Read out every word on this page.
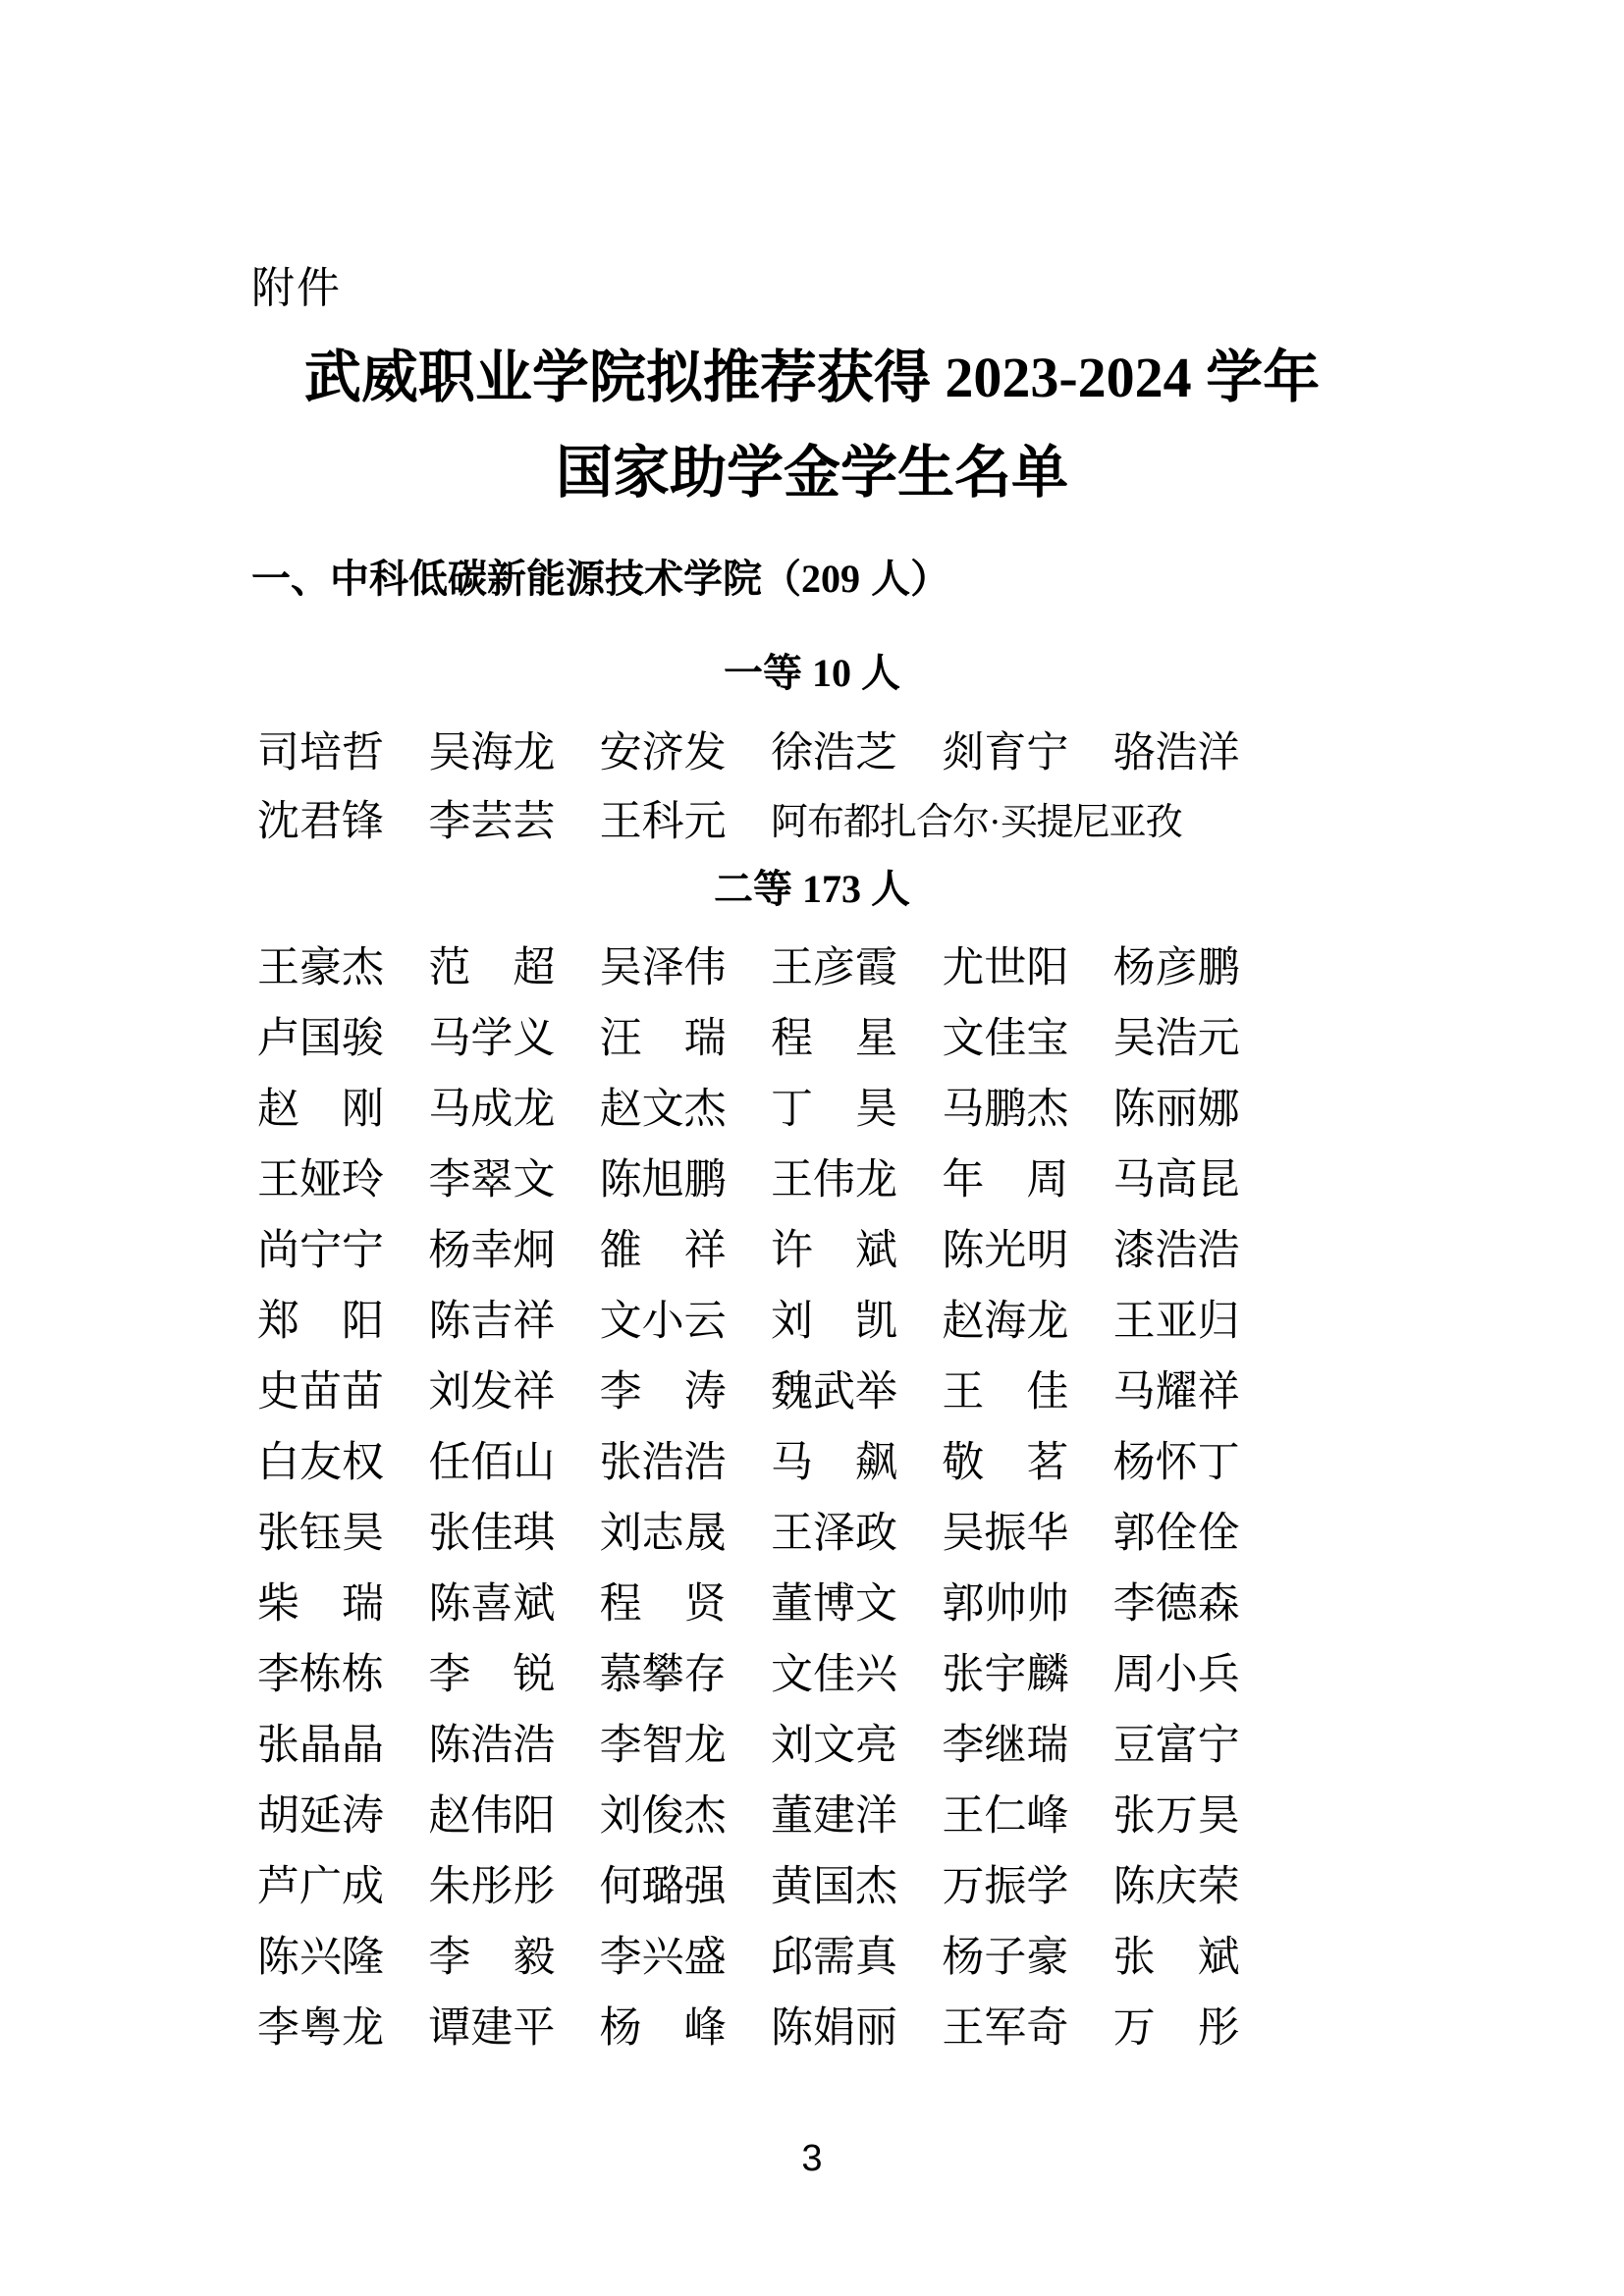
附件
武威职业学院拟推荐获得 2023-2024 学年
国家助学金学生名单
一、中科低碳新能源技术学院（209 人）
一等 10 人
司培哲	吴海龙	安济发	徐浩芝	剡育宁	骆浩洋
沈君锋	李芸芸	王科元	阿布都扎合尔·买提尼亚孜
二等 173 人
王豪杰	范　超	吴泽伟	王彦霞	尤世阳	杨彦鹏
卢国骏	马学义	汪　瑞	程　星	文佳宝	吴浩元
赵　刚	马成龙	赵文杰	丁　昊	马鹏杰	陈丽娜
王娅玲	李翠文	陈旭鹏	王伟龙	年　周	马高昆
尚宁宁	杨幸炯	雒　祥	许　斌	陈光明	漆浩浩
郑　阳	陈吉祥	文小云	刘　凯	赵海龙	王亚归
史苗苗	刘发祥	李　涛	魏武举	王　佳	马耀祥
白友权	任佰山	张浩浩	马　飙	敬　茗	杨怀丁
张钰昊	张佳琪	刘志晟	王泽政	吴振华	郭佺佺
柴　瑞	陈喜斌	程　贤	董博文	郭帅帅	李德森
李栋栋	李　锐	慕攀存	文佳兴	张宇麟	周小兵
张晶晶	陈浩浩	李智龙	刘文亮	李继瑞	豆富宁
胡延涛	赵伟阳	刘俊杰	董建洋	王仁峰	张万昊
芦广成	朱彤彤	何璐强	黄国杰	万振学	陈庆荣
陈兴隆	李　毅	李兴盛	邱需真	杨子豪	张　斌
李粤龙	谭建平	杨　峰	陈娟丽	王军奇	万　彤
3
